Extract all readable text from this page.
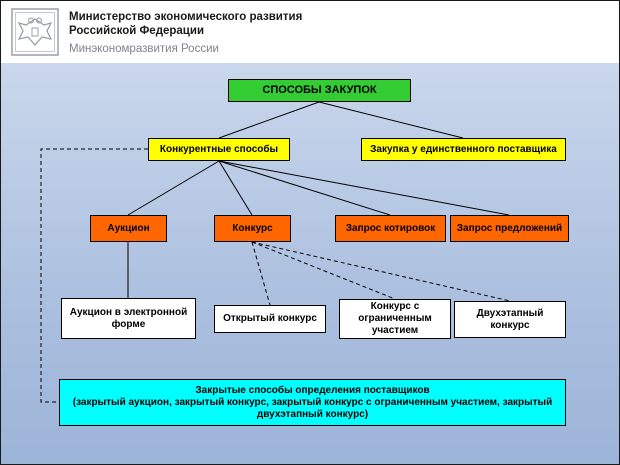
Министерство экономического развития
Российской Федерации
Минэкономразвития России
СПОСОБЫ ЗАКУПОК
Конкурентные способы	Закупка у единственного поставщика
Аукцион	Конкурс	Запрос котировок Запрос предложений
Аукцион в электронной форме	Открытый конкурс
Конкурс с ограниченным участием
Двухэтапный конкурс
Закрытые способы определения поставщиков
(закрытый аукцион, закрытый конкурс, закрытый конкурс с ограниченным участием, закрытый двухэтапный конкурс)
